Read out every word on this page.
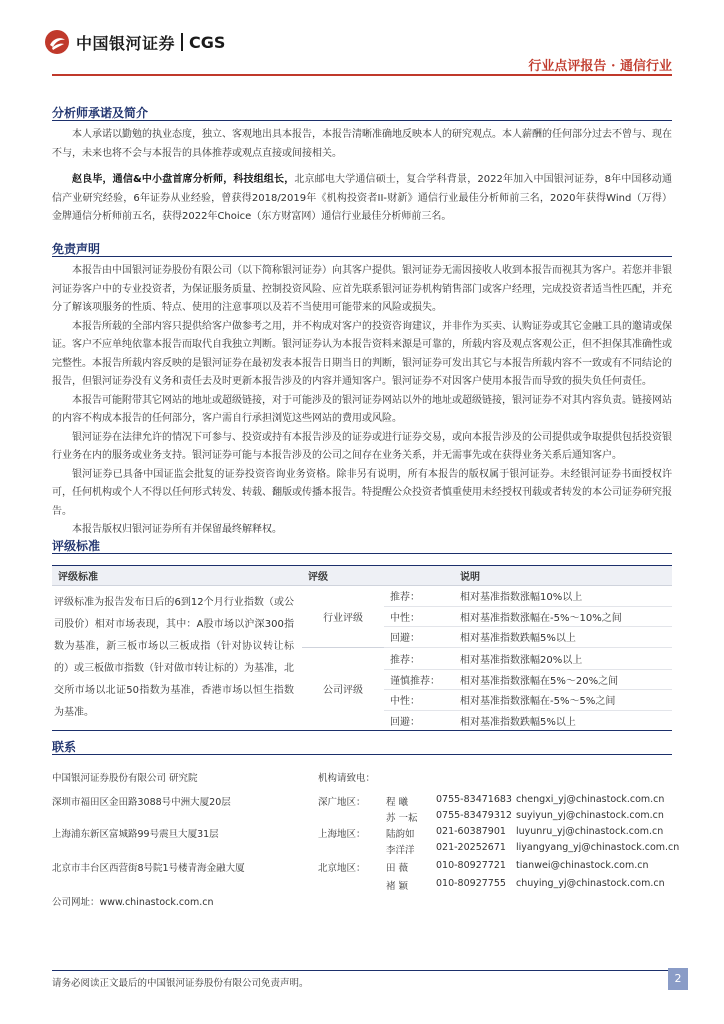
中国银河证券 CGS
行业点评报告 · 通信行业
分析师承诺及简介

本人承诺以勤勉的执业态度，独立、客观地出具本报告，本报告清晰准确地反映本人的研究观点。本人薪酬的任何部分过去不曾与、现在不与，未来也将不会与本报告的具体推荐或观点直接或间接相关。

赵良毕，通信&中小盘首席分析师，科技组组长，北京邮电大学通信硕士，复合学科背景，2022年加入中国银河证券，8年中国移动通信产业研究经验，6年证券从业经验，曾获得2018/2019年《机构投资者II-财新》通信行业最佳分析师前三名，2020年获得Wind（万得）金牌通信分析师前五名，获得2022年Choice（东方财富网）通信行业最佳分析师前三名。

免责声明

本报告由中国银河证券股份有限公司（以下简称银河证券）向其客户提供。银河证券无需因接收人收到本报告而视其为客户。若您并非银河证券客户中的专业投资者，为保证服务质量、控制投资风险、应首先联系银河证券机构销售部门或客户经理，完成投资者适当性匹配，并充分了解该项服务的性质、特点、使用的注意事项以及若不当使用可能带来的风险或损失。

本报告所载的全部内容只提供给客户做参考之用，并不构成对客户的投资咨询建议，并非作为买卖、认购证券或其它金融工具的邀请或保证。客户不应单纯依靠本报告而取代自我独立判断。银河证券认为本报告资料来源是可靠的，所载内容及观点客观公正，但不担保其准确性或完整性。本报告所载内容反映的是银河证券在最初发表本报告日期当日的判断，银河证券可发出其它与本报告所载内容不一致或有不同结论的报告，但银河证券没有义务和责任去及时更新本报告涉及的内容并通知客户。银河证券不对因客户使用本报告而导致的损失负任何责任。

本报告可能附带其它网站的地址或超级链接，对于可能涉及的银河证券网站以外的地址或超级链接，银河证券不对其内容负责。链接网站的内容不构成本报告的任何部分，客户需自行承担浏览这些网站的费用或风险。

银河证券在法律允许的情况下可参与、投资或持有本报告涉及的证券或进行证券交易，或向本报告涉及的公司提供或争取提供包括投资银行业务在内的服务或业务支持。银河证券可能与本报告涉及的公司之间存在业务关系，并无需事先或在获得业务关系后通知客户。

银河证券已具备中国证监会批复的证券投资咨询业务资格。除非另有说明，所有本报告的版权属于银河证券。未经银河证券书面授权许可，任何机构或个人不得以任何形式转发、转载、翻版或传播本报告。特提醒公众投资者慎重使用未经授权刊载或者转发的本公司证券研究报告。

本报告版权归银河证券所有并保留最终解释权。

评级标准
评级标准	评级		说明
评级标准为报告发布日后的6到12个月行业指数（或公司股价）相对市场表现，其中：A股市场以沪深300指数为基准，新三板市场以三板成指（针对协议转让标的）或三板做市指数（针对做市转让标的）为基准，北交所市场以北证50指数为基准，香港市场以恒生指数为基准。	行业评级	推荐：	相对基准指数涨幅10%以上
		中性：	相对基准指数涨幅在-5%～10%之间
		回避：	相对基准指数跌幅5%以上
	公司评级	推荐：	相对基准指数涨幅20%以上
		谨慎推荐：	相对基准指数涨幅在5%～20%之间
		中性：	相对基准指数涨幅在-5%～5%之间
		回避：	相对基准指数跌幅5%以上
联系
中国银河证券股份有限公司 研究院	机构请致电：
深圳市福田区金田路3088号中洲大厦20层	深广地区： 程 曦	0755-83471683 chengxi_yj@chinastock.com.cn
苏 一耘 0755-83479312 suyiyun_yj@chinastock.com.cn
上海浦东新区富城路99号震旦大厦31层	上海地区： 陆韵如 021-60387901 luyunru_yj@chinastock.com.cn
李洋洋 021-20252671 liyangyang_yj@chinastock.com.cn
北京市丰台区西营街8号院1号楼青海金融大厦	北京地区： 田 薇	010-80927721 tianwei@chinastock.com.cn
褚 颖	010-80927755 chuying_yj@chinastock.com.cn
公司网址：www.chinastock.com.cn
请务必阅读正文最后的中国银河证券股份有限公司免责声明。	2
